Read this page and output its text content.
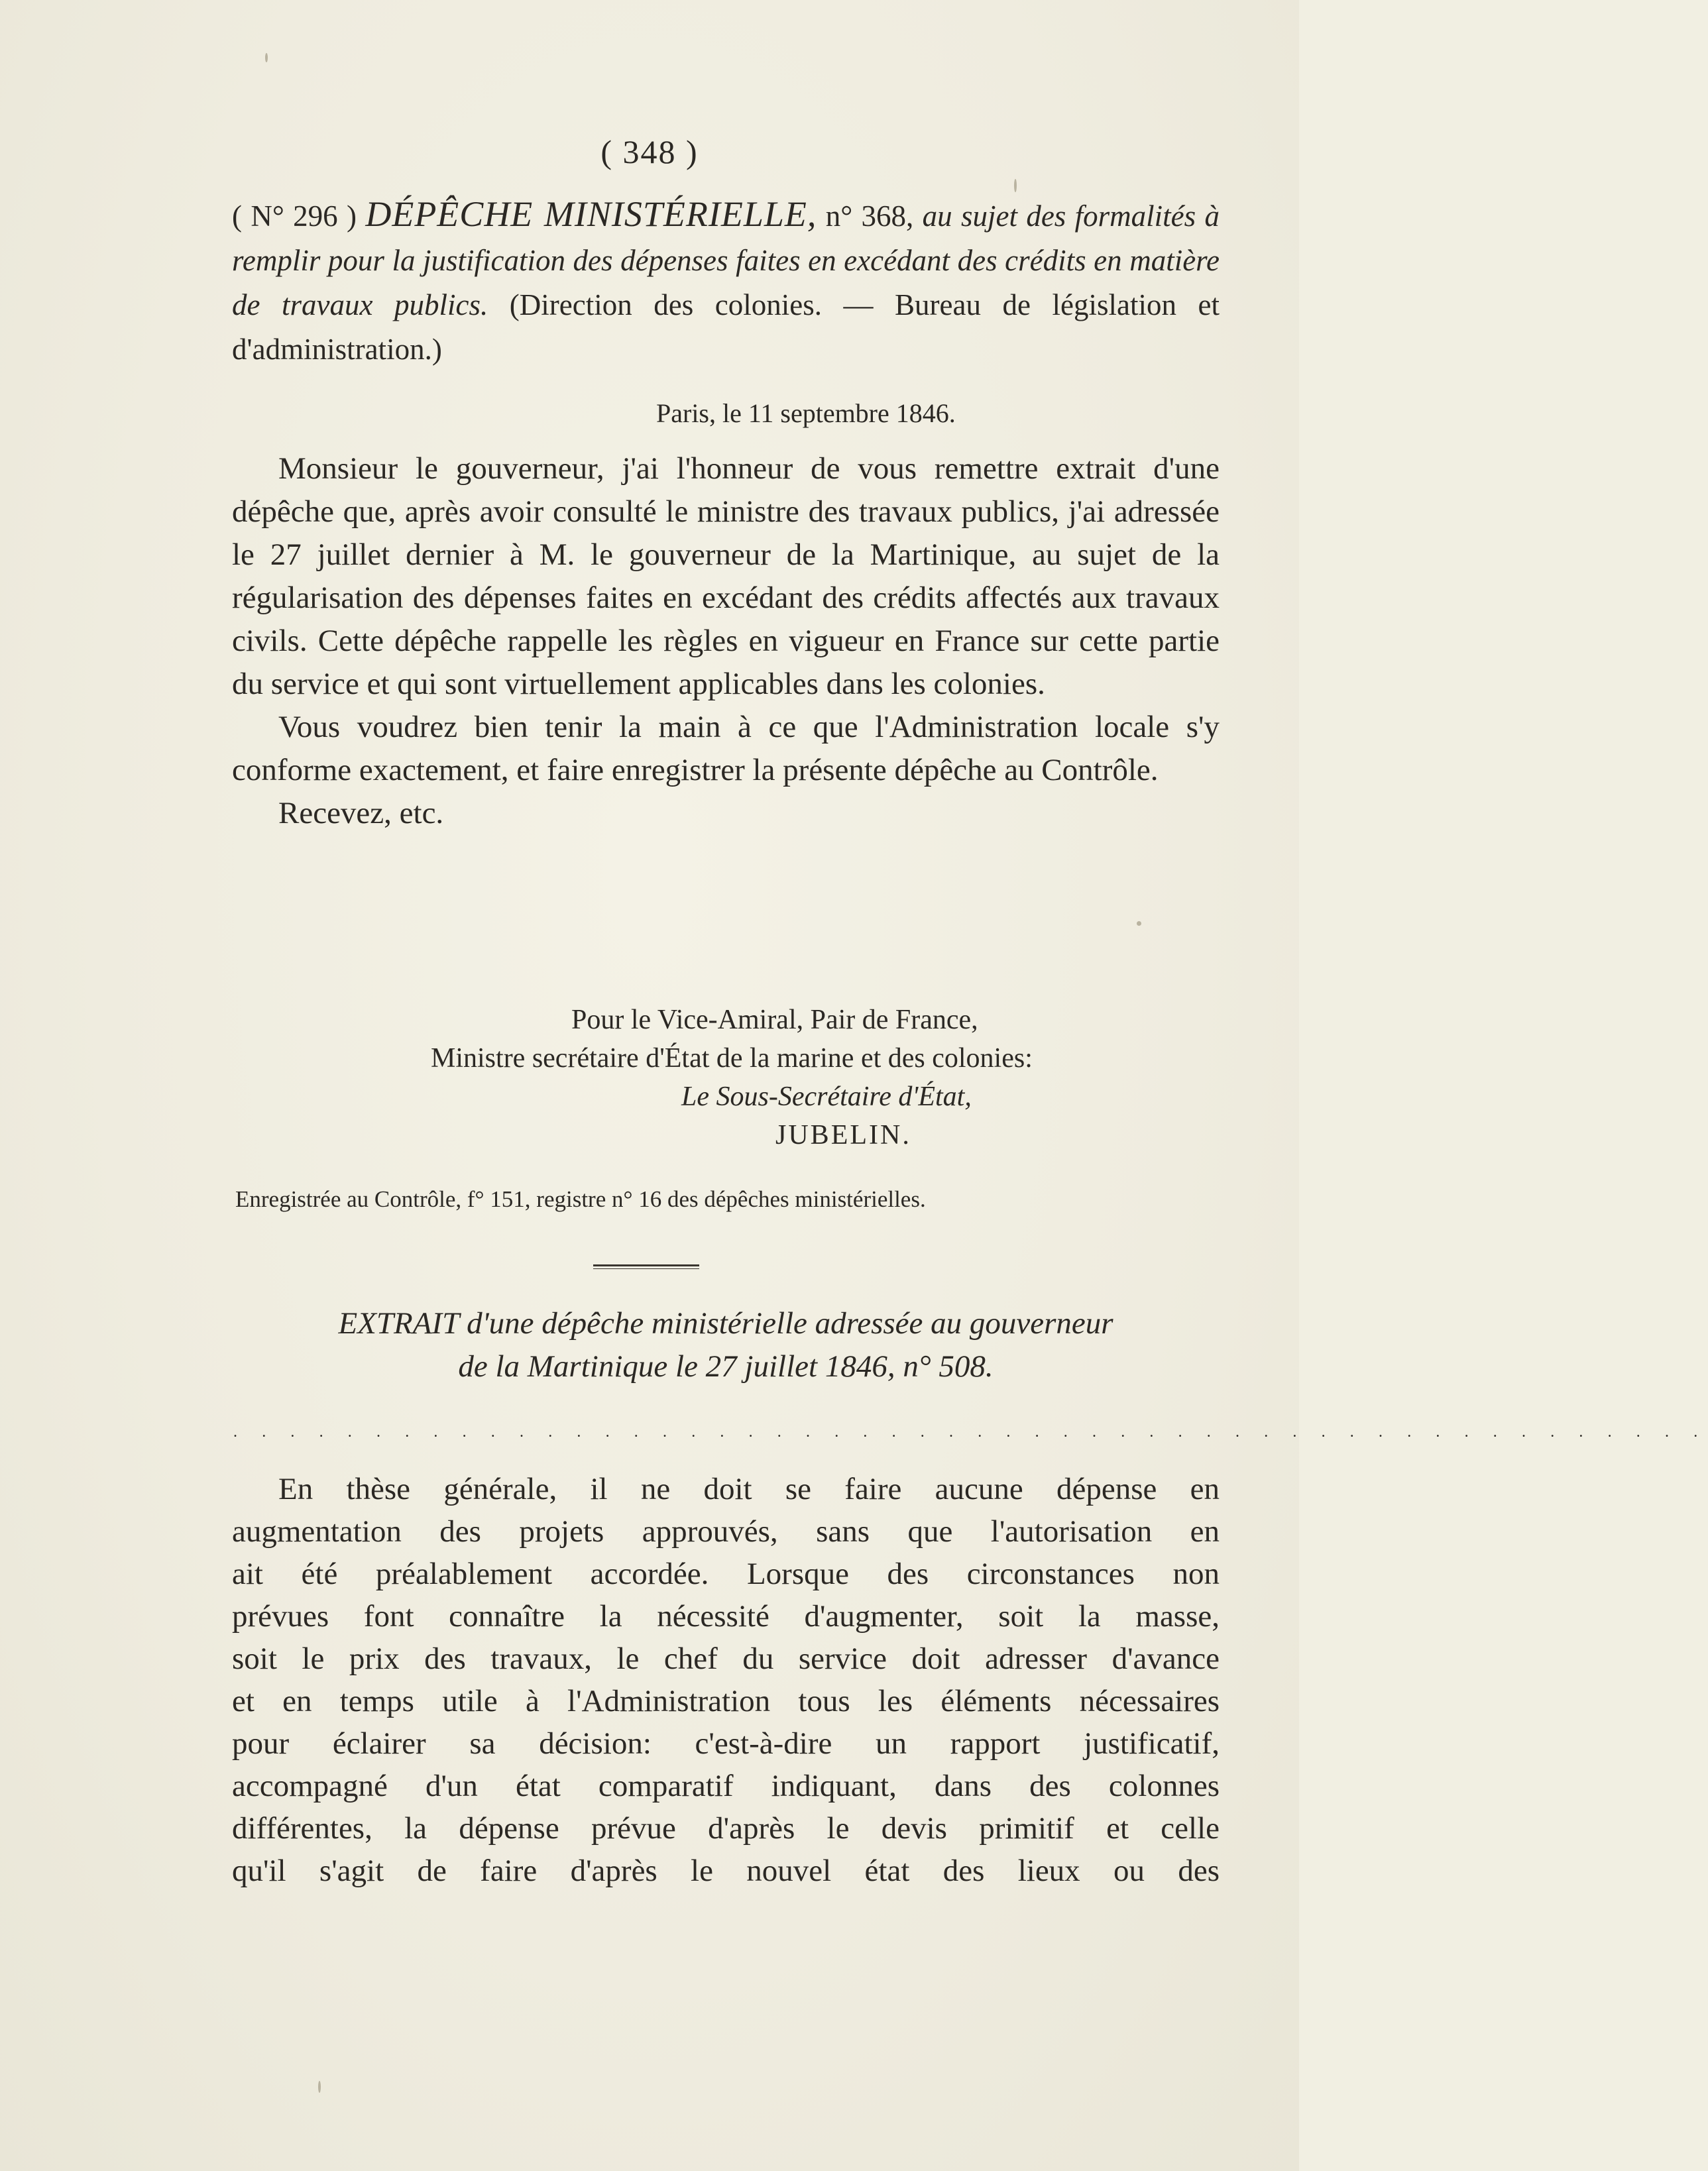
( 348 )
( N° 296 ) DÉPÊCHE MINISTÉRIELLE, n° 368, au sujet des formalités à remplir pour la justification des dépenses faites en excédant des crédits en matière de travaux publics. (Direction des colonies. — Bureau de législation et d'administration.)
Paris, le 11 septembre 1846.

Monsieur le gouverneur, j'ai l'honneur de vous remettre extrait d'une dépêche que, après avoir consulté le ministre des travaux publics, j'ai adressée le 27 juillet dernier à M. le gouverneur de la Martinique, au sujet de la régularisation des dépenses faites en excédant des crédits affectés aux travaux civils. Cette dépêche rappelle les règles en vigueur en France sur cette partie du service et qui sont virtuellement applicables dans les colonies.

Vous voudrez bien tenir la main à ce que l'Administration locale s'y conforme exactement, et faire enregistrer la présente dépêche au Contrôle.

Recevez, etc.

Pour le Vice-Amiral, Pair de France,
Ministre secrétaire d'État de la marine et des colonies:
Le Sous-Secrétaire d'État,
JUBELIN.
Enregistrée au Contrôle, f° 151, registre n° 16 des dépêches ministérielles.
EXTRAIT d'une dépêche ministérielle adressée au gouverneur
de la Martinique le 27 juillet 1846, n° 508.
. . . . . . . . . . . . . . . . . . . . . . . . . . . . . . . . . . . . . . . . . . . . . . . . . . . .

En thèse générale, il ne doit se faire aucune dépense en

augmentation des projets approuvés, sans que l'autorisation en

ait été préalablement accordée. Lorsque des circonstances non

prévues font connaître la nécessité d'augmenter, soit la masse,

soit le prix des travaux, le chef du service doit adresser d'avance

et en temps utile à l'Administration tous les éléments nécessaires

pour éclairer sa décision: c'est-à-dire un rapport justificatif,

accompagné d'un état comparatif indiquant, dans des colonnes

différentes, la dépense prévue d'après le devis primitif et celle

qu'il s'agit de faire d'après le nouvel état des lieux ou des
